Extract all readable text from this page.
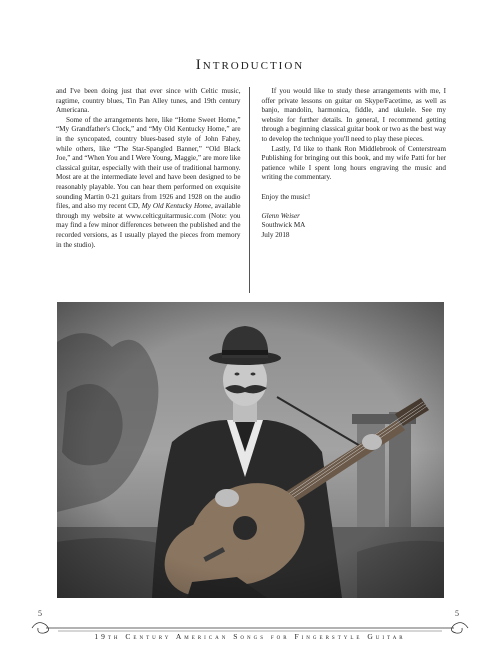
Introduction

and I've been doing just that ever since with Celtic music, ragtime, country blues, Tin Pan Alley tunes, and 19th century Americana.

Some of the arrangements here, like “Home Sweet Home,” “My Grandfather's Clock,” and “My Old Kentucky Home,” are in the syncopated, country blues-based style of John Fahey, while others, like “The Star-Spangled Banner,” “Old Black Joe,” and “When You and I Were Young, Maggie,” are more like classical guitar, especially with their use of traditional harmony. Most are at the intermediate level and have been designed to be reasonably playable. You can hear them performed on exquisite sounding Martin 0-21 guitars from 1926 and 1928 on the audio files, and also my recent CD, My Old Kentucky Home, available through my website at www.celticguitarmusic.com (Note: you may find a few minor differences between the published and the recorded versions, as I usually played the pieces from memory in the studio).

If you would like to study these arrangements with me, I offer private lessons on guitar on Skype/Facetime, as well as banjo, mandolin, harmonica, fiddle, and ukulele. See my website for further details. In general, I recommend getting through a beginning classical guitar book or two as the best way to develop the technique you'll need to play these pieces.

Lastly, I'd like to thank Ron Middlebrook of Centerstream Publishing for bringing out this book, and my wife Patti for her patience while I spent long hours engraving the music and writing the commentary.

Enjoy the music!

Glenn Weiser

Southwick MA

July 2018

5	5
19th Century American Songs for Fingerstyle Guitar
